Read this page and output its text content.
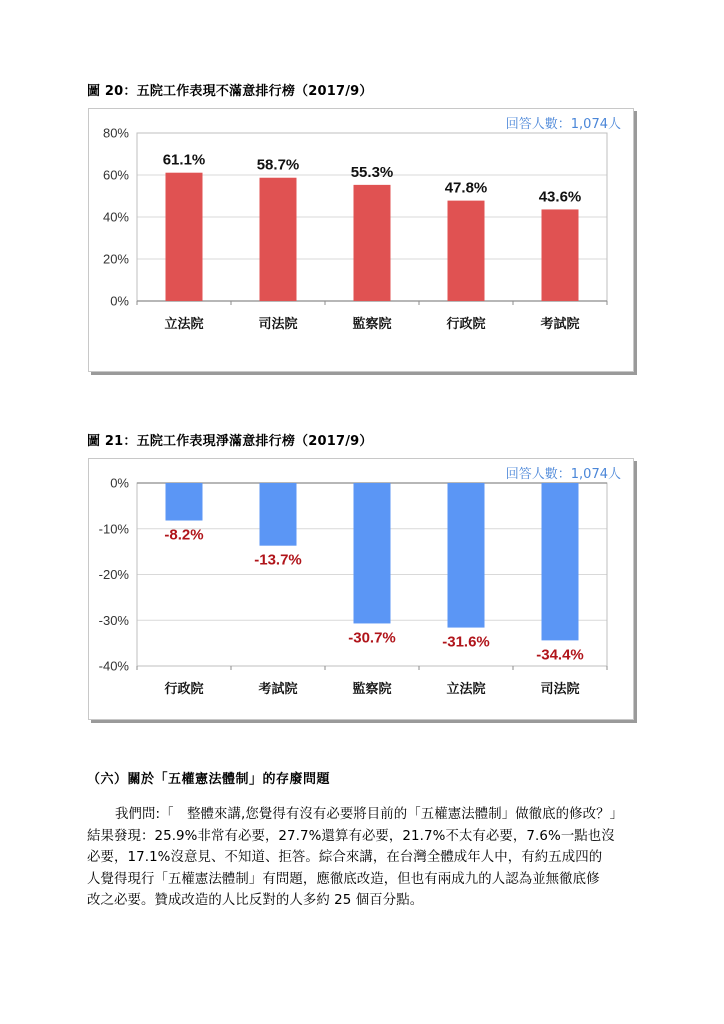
圖 20：五院工作表現不滿意排行榜（2017/9）
80%
60%
40%
20%
0%
61.1%
立法院
58.7%
司法院
55.3%
監察院
47.8%
行政院
43.6%
考試院
回答人數：1,074人
圖 21：五院工作表現淨滿意排行榜（2017/9）
0%
-10%
-20%
-30%
-40%
-8.2%
行政院
-13.7%
考試院
-30.7%
監察院
-31.6%
立法院
-34.4%
司法院
回答人數：1,074人
（六）關於「五權憲法體制」的存廢問題

我們問:「　整體來講,您覺得有沒有必要將目前的「五權憲法體制」做徹底的修改？」
結果發現：25.9%非常有必要，27.7%還算有必要，21.7%不太有必要，7.6%一點也沒
必要，17.1%沒意見、不知道、拒答。綜合來講，在台灣全體成年人中，有約五成四的
人覺得現行「五權憲法體制」有問題，應徹底改造，但也有兩成九的人認為並無徹底修
改之必要。贊成改造的人比反對的人多約 25 個百分點。
